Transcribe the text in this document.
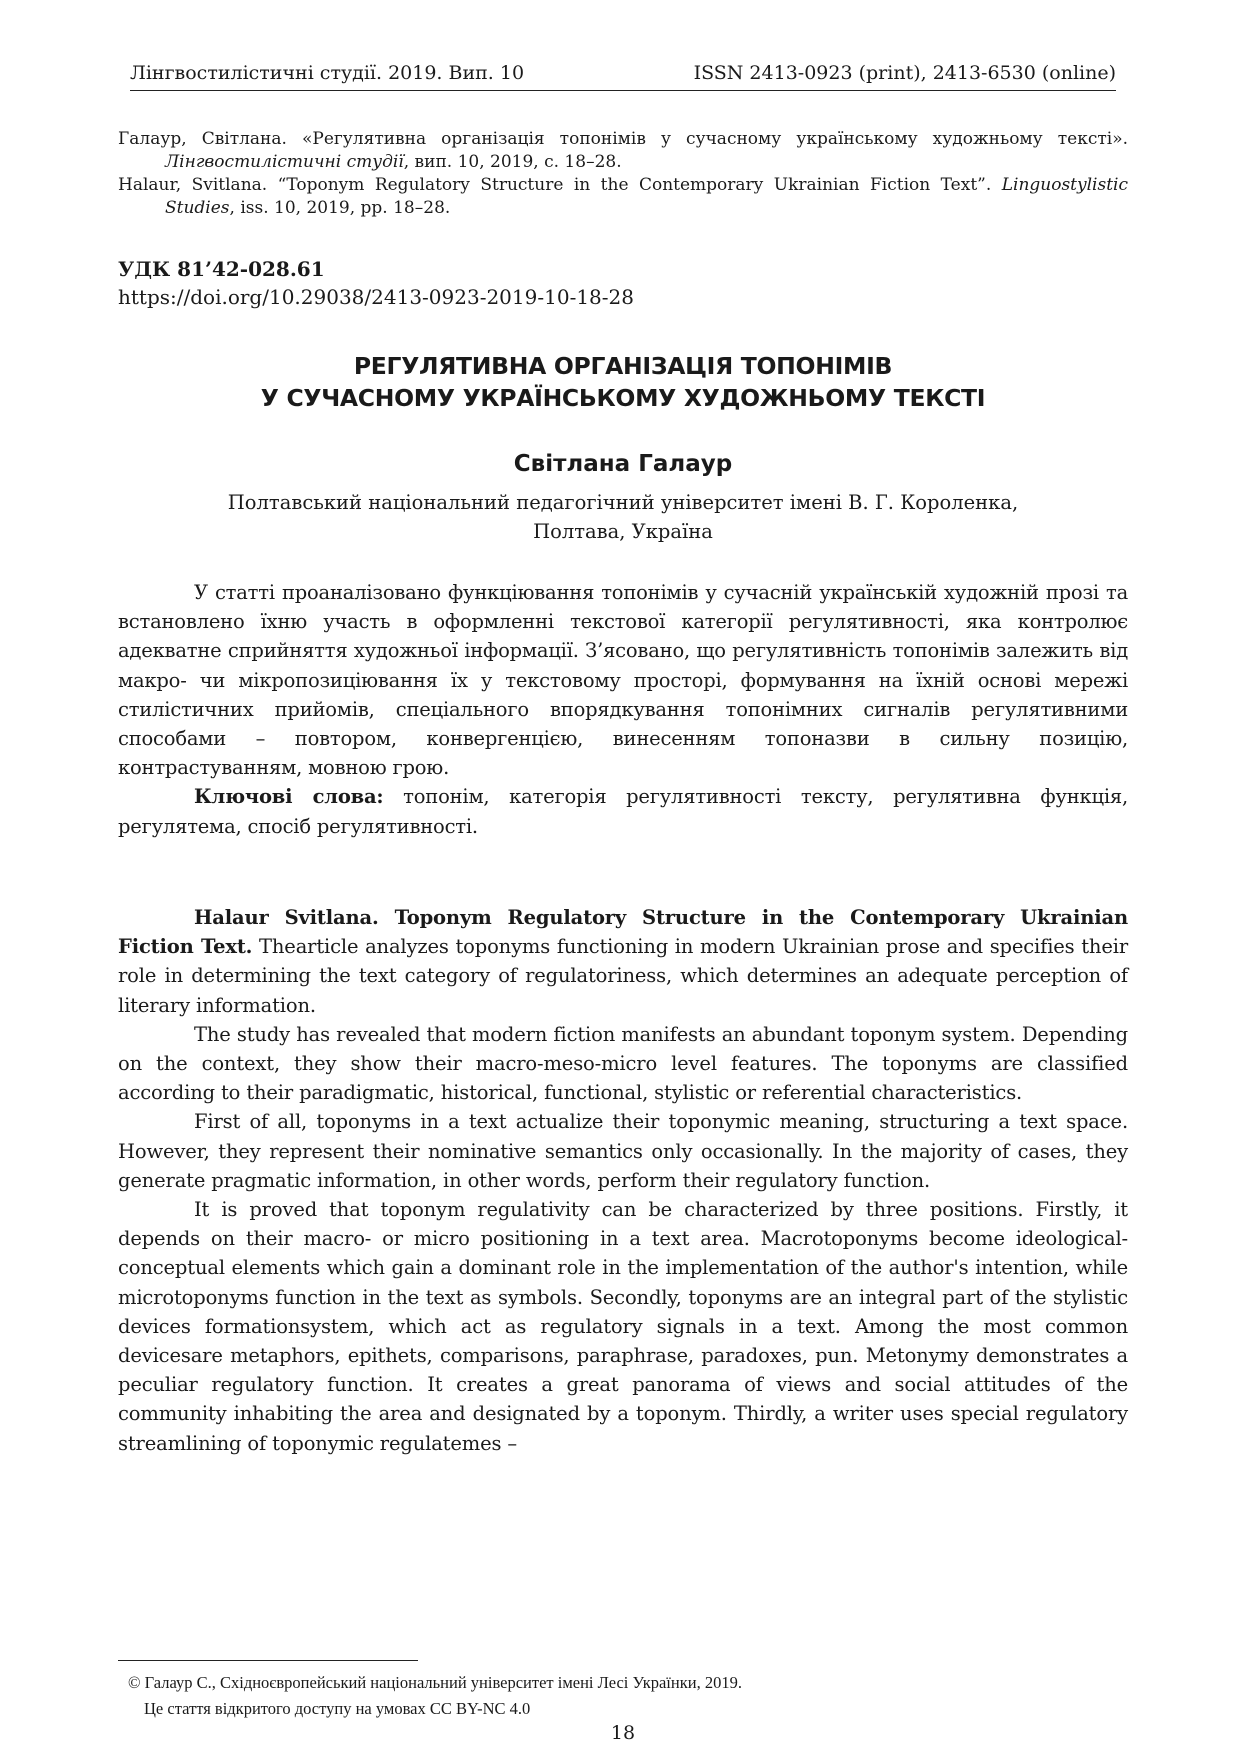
Лінгвостилістичні студії. 2019. Вип. 10	ISSN 2413-0923 (print), 2413-6530 (online)
Галаур, Світлана. «Регулятивна організація топонімів у сучасному українському художньому тексті». Лінгвостилістичні студії, вип. 10, 2019, с. 18–28.
Halaur, Svitlana. “Toponym Regulatory Structure in the Contemporary Ukrainian Fiction Text”. Linguostylistic Studies, iss. 10, 2019, pp. 18–28.
УДК 81’42-028.61
https://doi.org/10.29038/2413-0923-2019-10-18-28
РЕГУЛЯТИВНА ОРГАНІЗАЦІЯ ТОПОНІМІВ
У СУЧАСНОМУ УКРАЇНСЬКОМУ ХУДОЖНЬОМУ ТЕКСТІ
Світлана Галаур
Полтавський національний педагогічний університет імені В. Г. Короленка,
Полтава, Україна

У статті проаналізовано функціювання топонімів у сучасній українській художній прозі та встановлено їхню участь в оформленні текстової категорії регулятивності, яка контролює адекватне сприйняття художньої інформації. З’ясовано, що регулятивність топонімів залежить від макро- чи мікропозиціювання їх у текстовому просторі, формування на їхній основі мережі стилістичних прийомів, спеціального впорядкування топонімних сигналів регулятивними способами – повтором, конвергенцією, винесенням топоназви в сильну позицію, контрастуванням, мовною грою.

Ключові слова: топонім, категорія регулятивності тексту, регулятивна функція, регулятема, спосіб регулятивності.

Halaur Svitlana. Toponym Regulatory Structure in the Contemporary Ukrainian Fiction Text. Thearticle analyzes toponyms functioning in modern Ukrainian prose and specifies their role in determining the text category of regulatoriness, which determines an adequate perception of literary information.

The study has revealed that modern fiction manifests an abundant toponym system. Depending on the context, they show their macro-meso-micro level features. The toponyms are classified according to their paradigmatic, historical, functional, stylistic or referential characteristics.

First of all, toponyms in a text actualize their toponymic meaning, structuring a text space. However, they represent their nominative semantics only occasionally. In the majority of cases, they generate pragmatic information, in other words, perform their regulatory function.

It is proved that toponym regulativity can be characterized by three positions. Firstly, it depends on their macro- or micro positioning in a text area. Macrotoponyms become ideological-conceptual elements which gain a dominant role in the implementation of the author's intention, while microtoponyms function in the text as symbols. Secondly, toponyms are an integral part of the stylistic devices formationsystem, which act as regulatory signals in a text. Among the most common devicesare metaphors, epithets, comparisons, paraphrase, paradoxes, pun. Metonymy demonstrates a peculiar regulatory function. It creates a great panorama of views and social attitudes of the community inhabiting the area and designated by a toponym. Thirdly, a writer uses special regulatory streamlining of toponymic regulatemes –

© Галаур С., Східноєвропейський національний університет імені Лесі Українки, 2019.
Це стаття відкритого доступу на умовах CC BY-NC 4.0
18
